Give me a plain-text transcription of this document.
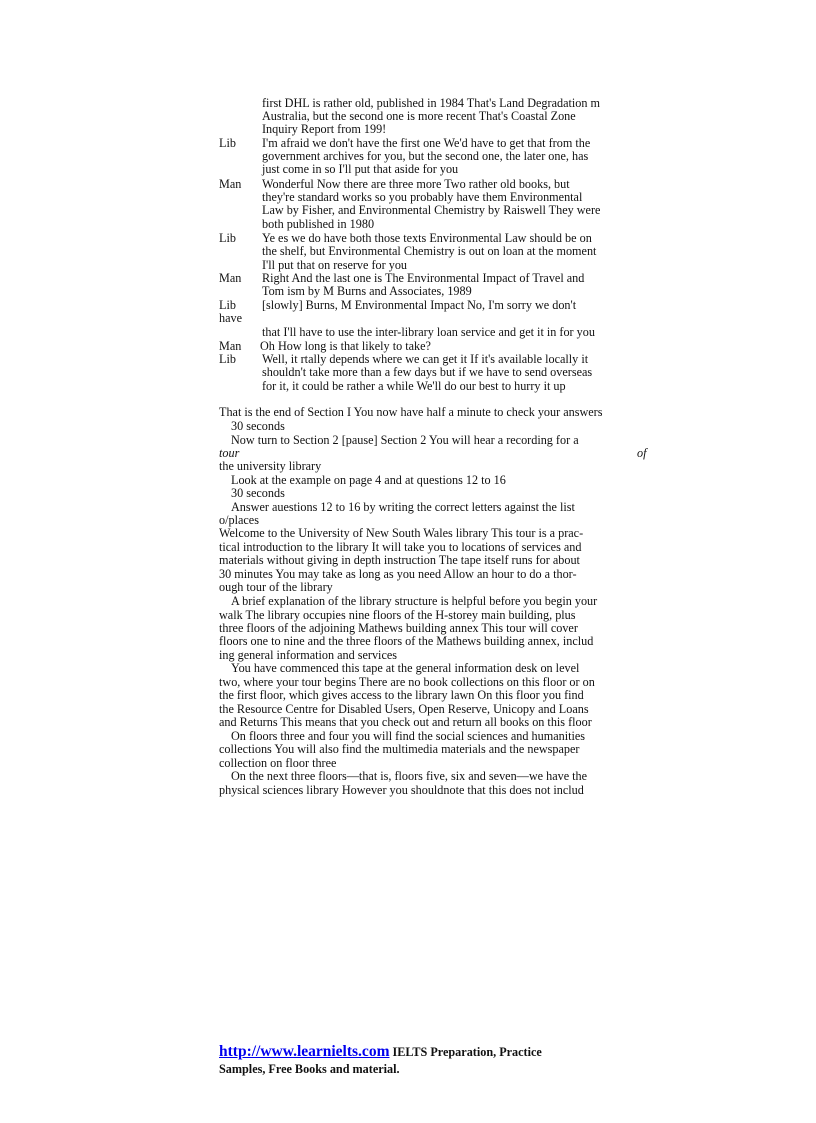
first DHL is rather old, published in 1984 That's Land Degradation m
Australia, but the second one is more recent That's Coastal Zone
Inquiry Report from 199!
Lib I'm afraid we don't have the first one We'd have to get that from the
government archives for you, but the second one, the later one, has
just come in so I'll put that aside for you
Man Wonderful Now there are three more Two rather old books, but
they're standard works so you probably have them Environmental
Law by Fisher, and Environmental Chemistry by Raiswell They were
both published in 1980
Lib Ye es we do have both those texts Environmental Law should be on
the shelf, but Environmental Chemistry is out on loan at the moment
I'll put that on reserve for you
Man Right And the last one is The Environmental Impact of Travel and
Tom ism by M Burns and Associates, 1989
Lib [slowly] Burns, M Environmental Impact No, I'm sorry we don't
have
that I'll have to use the inter-library loan service and get it in for you
Man Oh How long is that likely to take?
Lib Well, it rtally depends where we can get it If it's available locally it
shouldn't take more than a few days but if we have to send overseas
for it, it could be rather a while We'll do our best to hurry it up
That is the end of Section I You now have half a minute to check your answers
30 seconds
Now turn to Section 2 [pause] Section 2 You will hear a recording for a
tour	of
the university library
Look at the example on page 4 and at questions 12 to 16
30 seconds
Answer auestions 12 to 16 by writing the correct letters against the list
o/places
Welcome to the University of New South Wales library This tour is a prac-
tical introduction to the library It will take you to locations of services and
materials without giving in depth instruction The tape itself runs for about
30 minutes You may take as long as you need Allow an hour to do a thor-
ough tour of the library
A brief explanation of the library structure is helpful before you begin your
walk The library occupies nine floors of the H-storey main building, plus
three floors of the adjoining Mathews building annex This tour will cover
floors one to nine and the three floors of the Mathews building annex, includ
ing general information and services
You have commenced this tape at the general information desk on level
two, where your tour begins There are no book collections on this floor or on
the first floor, which gives access to the library lawn On this floor you find
the Resource Centre for Disabled Users, Open Reserve, Unicopy and Loans
and Returns This means that you check out and return all books on this floor
On floors three and four you will find the social sciences and humanities
collections You will also find the multimedia materials and the newspaper
collection on floor three
On the next three floors—that is, floors five, six and seven—we have the
physical sciences library However you shouldnote that this does not includ
http://www.learnielts.com IELTS Preparation, Practice
Samples, Free Books and material.
